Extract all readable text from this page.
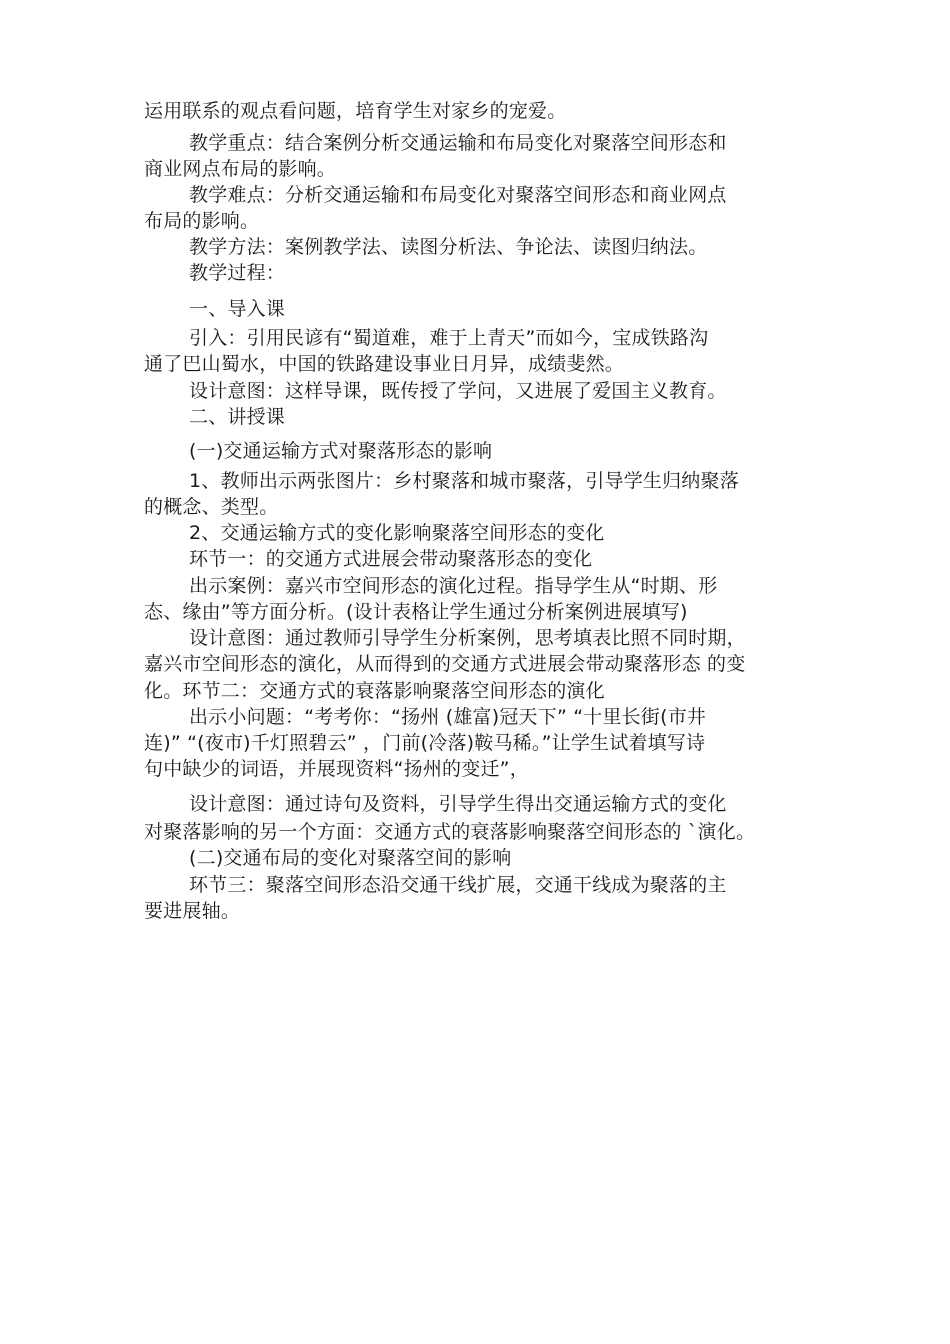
运用联系的观点看问题，培育学生对家乡的宠爱。
教学重点：结合案例分析交通运输和布局变化对聚落空间形态和
商业网点布局的影响。
教学难点：分析交通运输和布局变化对聚落空间形态和商业网点
布局的影响。
教学方法：案例教学法、读图分析法、争论法、读图归纳法。
教学过程：
一、导入课
引入：引用民谚有“蜀道难，难于上青天”而如今，宝成铁路沟
通了巴山蜀水，中国的铁路建设事业日月异，成绩斐然。
设计意图：这样导课，既传授了学问，又进展了爱国主义教育。
二、讲授课
(一)交通运输方式对聚落形态的影响
1、教师出示两张图片：乡村聚落和城市聚落，引导学生归纳聚落
的概念、类型。
2、交通运输方式的变化影响聚落空间形态的变化
环节一：的交通方式进展会带动聚落形态的变化
出示案例：嘉兴市空间形态的演化过程。指导学生从“时期、形
态、缘由”等方面分析。(设计表格让学生通过分析案例进展填写)
设计意图：通过教师引导学生分析案例，思考填表比照不同时期，
嘉兴市空间形态的演化，从而得到的交通方式进展会带动聚落形态 的变
化。环节二：交通方式的衰落影响聚落空间形态的演化
出示小问题：“考考你：“扬州 (雄富)冠天下” “十里长街(市井
连)” “(夜市)千灯照碧云” ，门前(冷落)鞍马稀。”让学生试着填写诗
句中缺少的词语，并展现资料“扬州的变迁”，
设计意图：通过诗句及资料，引导学生得出交通运输方式的变化
对聚落影响的另一个方面：交通方式的衰落影响聚落空间形态的 `演化。
(二)交通布局的变化对聚落空间的影响
环节三：聚落空间形态沿交通干线扩展，交通干线成为聚落的主
要进展轴。
